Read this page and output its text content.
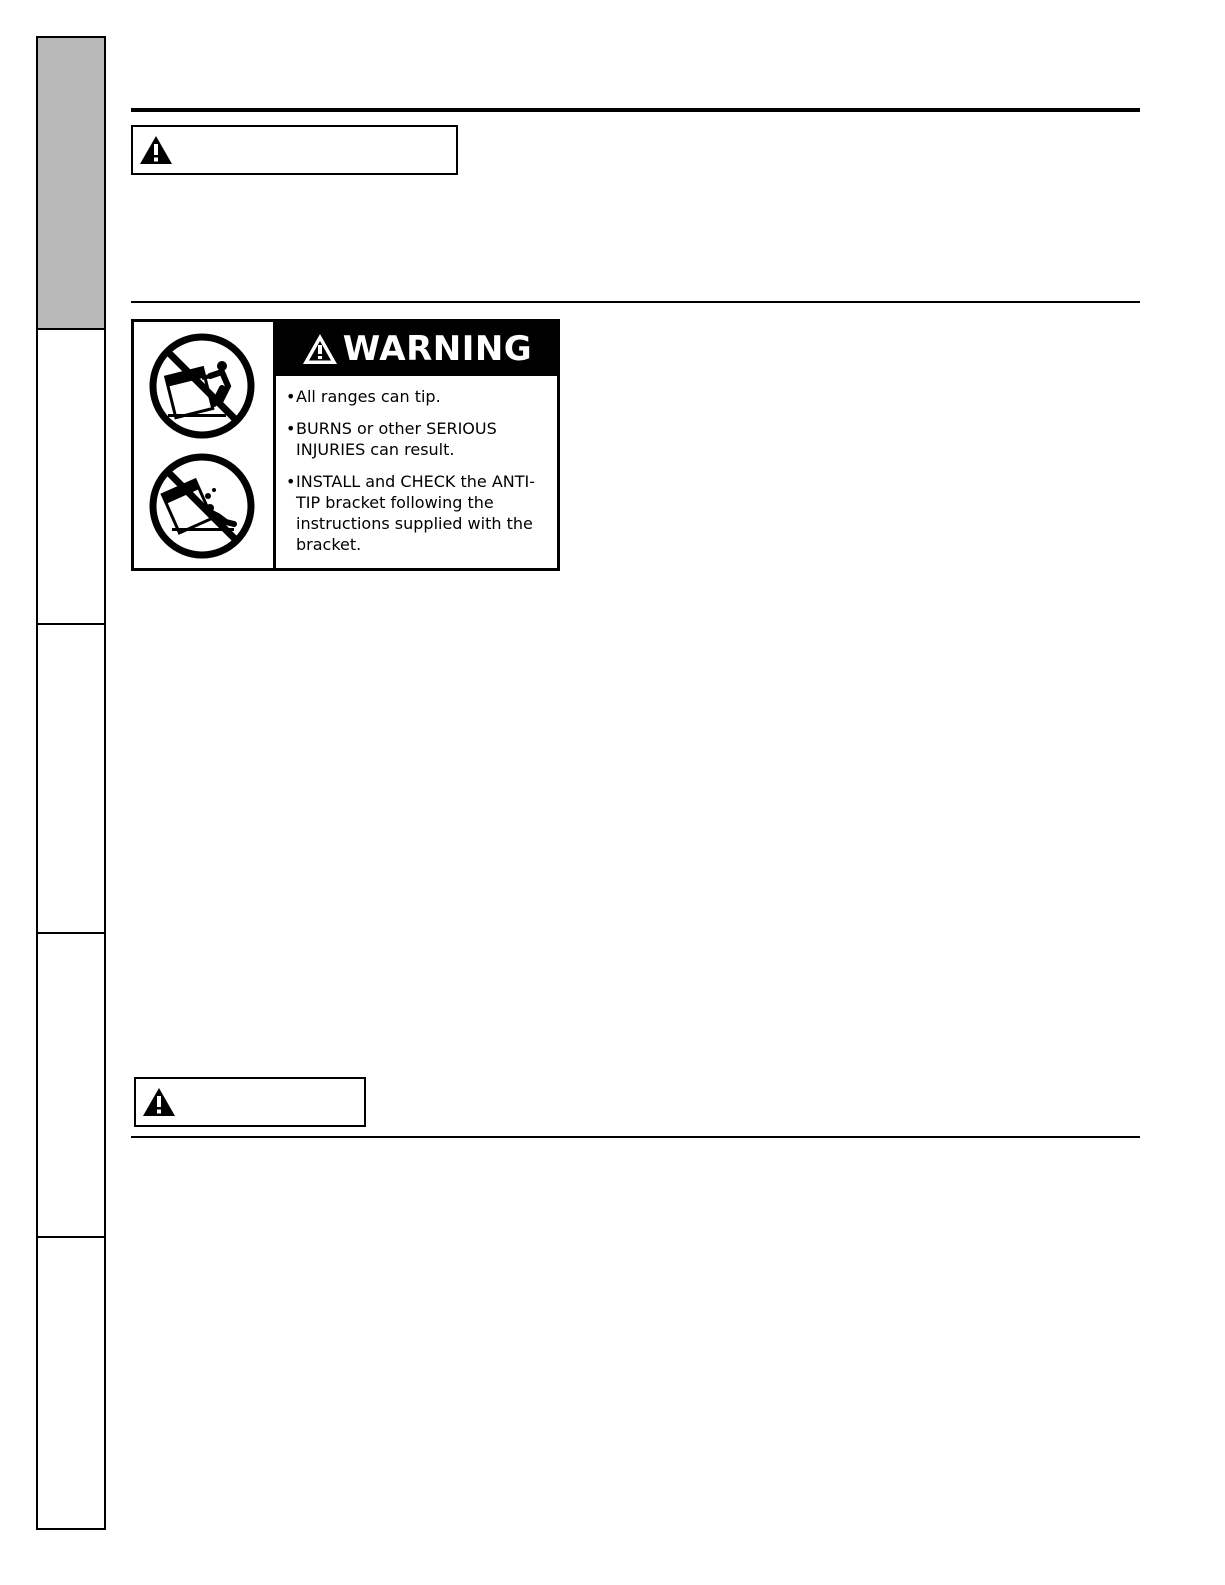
WARNING
• All ranges can tip.
• BURNS or other SERIOUS INJURIES can result.
• INSTALL and CHECK the ANTI-TIP bracket following the instructions supplied with the bracket.
